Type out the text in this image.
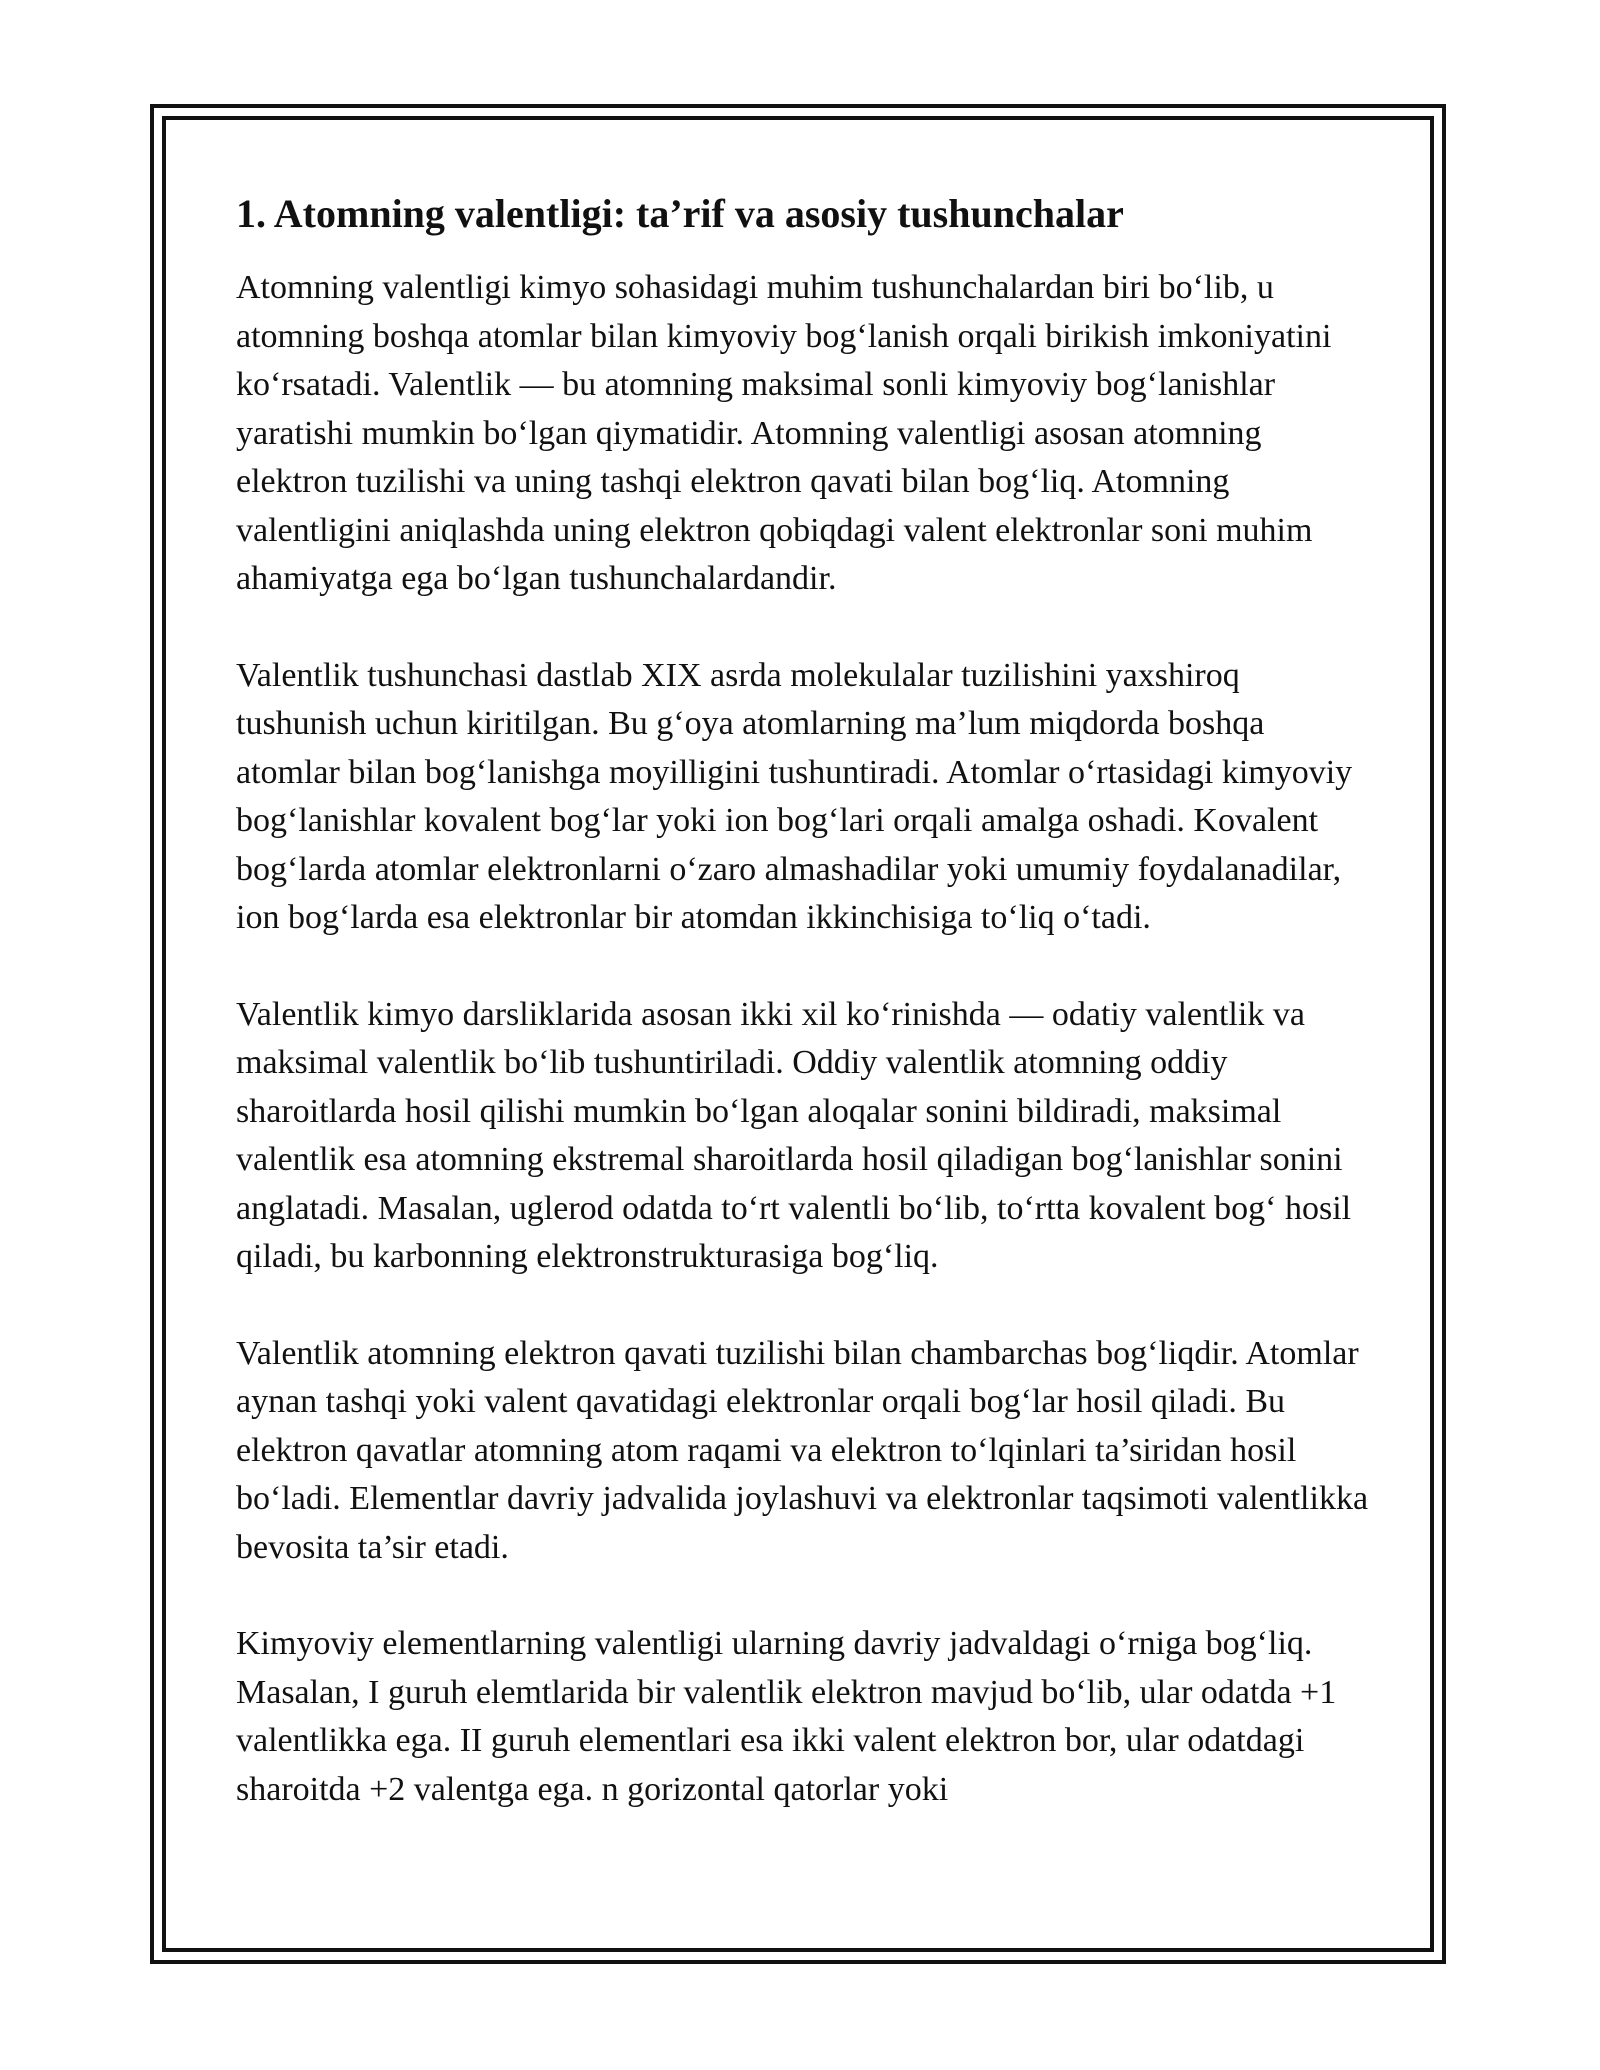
1. Atomning valentligi: ta’rif va asosiy tushunchalar

Atomning valentligi kimyo sohasidagi muhim tushunchalardan biri bo‘lib, u atomning boshqa atomlar bilan kimyoviy bog‘lanish orqali birikish imkoniyatini ko‘rsatadi. Valentlik — bu atomning maksimal sonli kimyoviy bog‘lanishlar yaratishi mumkin bo‘lgan qiymatidir. Atomning valentligi asosan atomning elektron tuzilishi va uning tashqi elektron qavati bilan bog‘liq. Atomning valentligini aniqlashda uning elektron qobiqdagi valent elektronlar soni muhim ahamiyatga ega bo‘lgan tushunchalardandir.

Valentlik tushunchasi dastlab XIX asrda molekulalar tuzilishini yaxshiroq tushunish uchun kiritilgan. Bu g‘oya atomlarning ma’lum miqdorda boshqa atomlar bilan bog‘lanishga moyilligini tushuntiradi. Atomlar o‘rtasidagi kimyoviy bog‘lanishlar kovalent bog‘lar yoki ion bog‘lari orqali amalga oshadi. Kovalent bog‘larda atomlar elektronlarni o‘zaro almashadilar yoki umumiy foydalanadilar, ion bog‘larda esa elektronlar bir atomdan ikkinchisiga to‘liq o‘tadi.

Valentlik kimyo darsliklarida asosan ikki xil ko‘rinishda — odatiy valentlik va maksimal valentlik bo‘lib tushuntiriladi. Oddiy valentlik atomning oddiy sharoitlarda hosil qilishi mumkin bo‘lgan aloqalar sonini bildiradi, maksimal valentlik esa atomning ekstremal sharoitlarda hosil qiladigan bog‘lanishlar sonini anglatadi. Masalan, uglerod odatda to‘rt valentli bo‘lib, to‘rtta kovalent bog‘ hosil qiladi, bu karbonning elektronstrukturasiga bog‘liq.

Valentlik atomning elektron qavati tuzilishi bilan chambarchas bog‘liqdir. Atomlar aynan tashqi yoki valent qavatidagi elektronlar orqali bog‘lar hosil qiladi. Bu elektron qavatlar atomning atom raqami va elektron to‘lqinlari ta’siridan hosil bo‘ladi. Elementlar davriy jadvalida joylashuvi va elektronlar taqsimoti valentlikka bevosita ta’sir etadi.

Kimyoviy elementlarning valentligi ularning davriy jadvaldagi o‘rniga bog‘liq. Masalan, I guruh elemtlarida bir valentlik elektron mavjud bo‘lib, ular odatda +1 valentlikka ega. II guruh elementlari esa ikki valent elektron bor, ular odatdagi sharoitda +2 valentga ega. n gorizontal qatorlar yoki
